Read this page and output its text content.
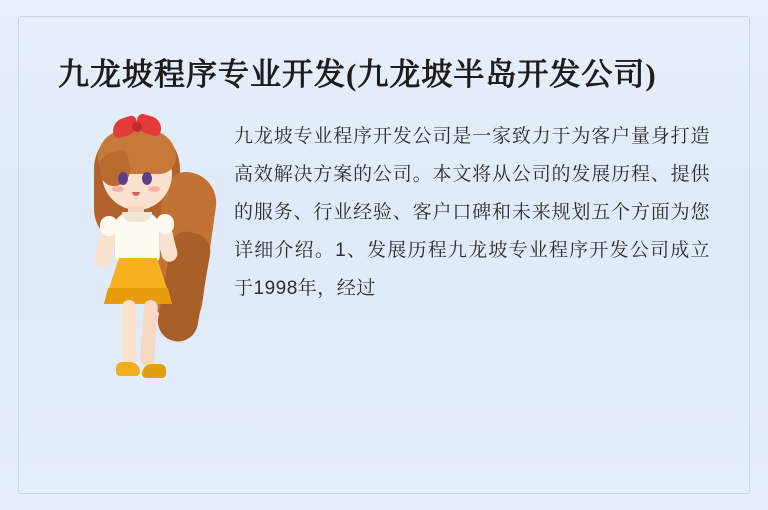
九龙坡程序专业开发(九龙坡半岛开发公司)
九龙坡专业程序开发公司是一家致力于为客户量身打造高效解决方案的公司。本文将从公司的发展历程、提供的服务、行业经验、客户口碑和未来规划五个方面为您详细介绍。1、发展历程九龙坡专业程序开发公司成立于1998年，经过
